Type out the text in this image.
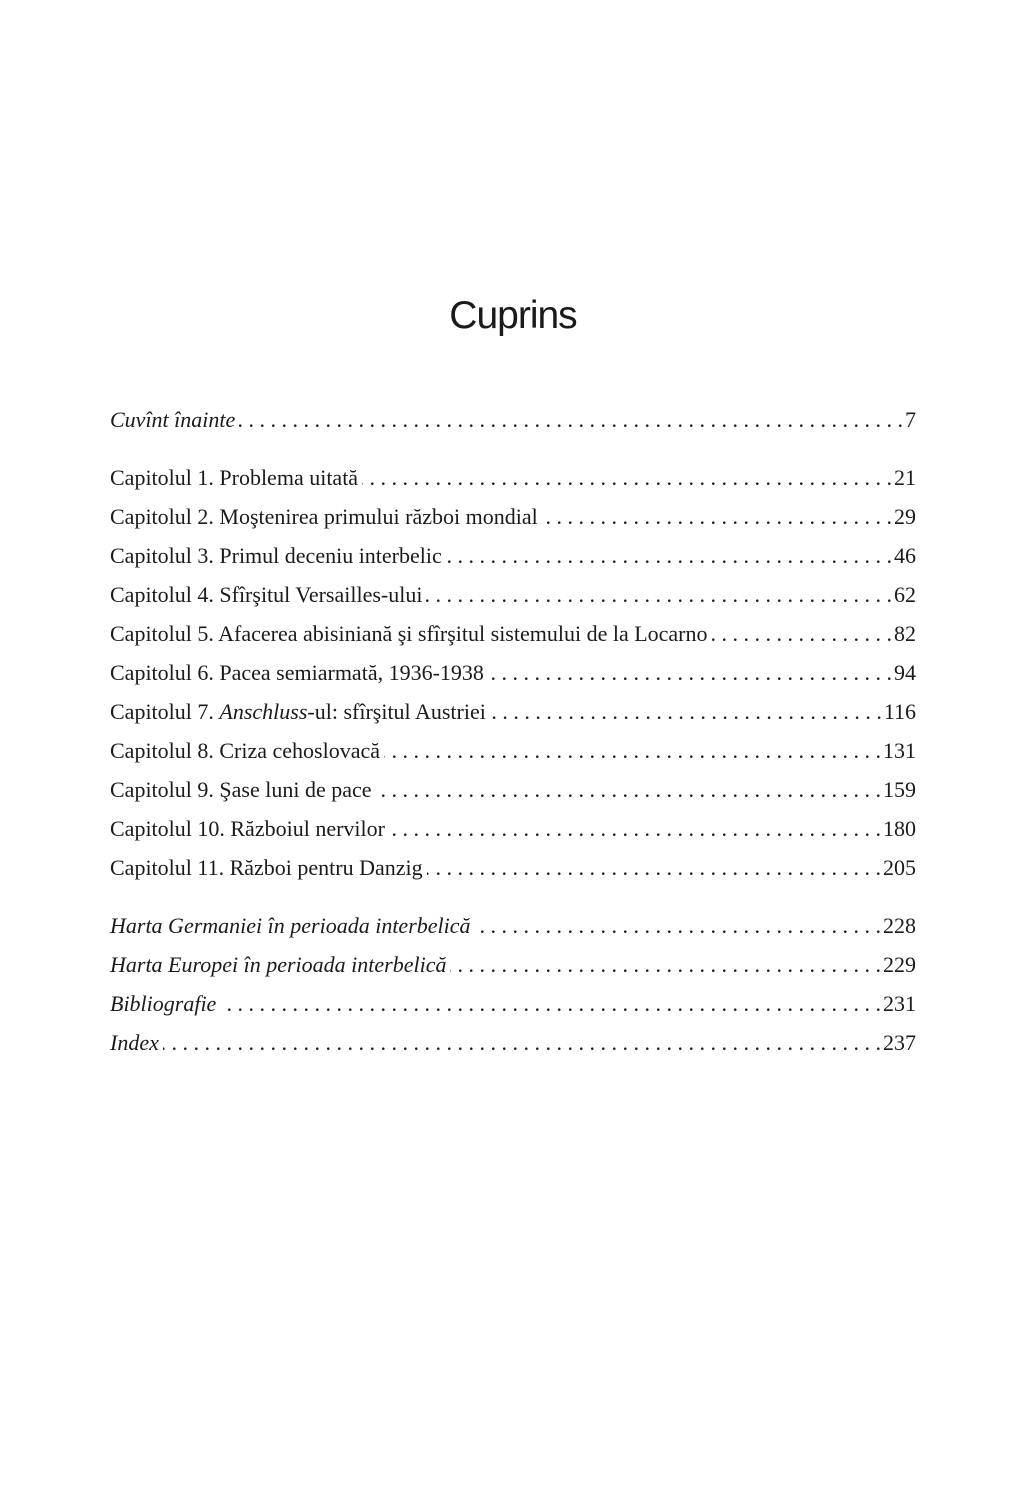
Cuprins
Cuvînt înainte . . .	7
Capitolul 1. Problema uitată . . .	21
Capitolul 2. Moştenirea primului război mondial . . .	29
Capitolul 3. Primul deceniu interbelic . . .	46
Capitolul 4. Sfîrşitul Versailles-ului . . .	62
Capitolul 5. Afacerea abisiniană şi sfîrşitul sistemului de la Locarno . . .	82
Capitolul 6. Pacea semiarmată, 1936-1938 . . .	94
Capitolul 7. Anschluss-ul: sfîrşitul Austriei . . .	116
Capitolul 8. Criza cehoslovacă . . .	131
Capitolul 9. Şase luni de pace . . .	159
Capitolul 10. Războiul nervilor . . .	180
Capitolul 11. Război pentru Danzig . . .	205
Harta Germaniei în perioada interbelică . . .	228
Harta Europei în perioada interbelică . . .	229
Bibliografie . . .	231
Index . . .	237
